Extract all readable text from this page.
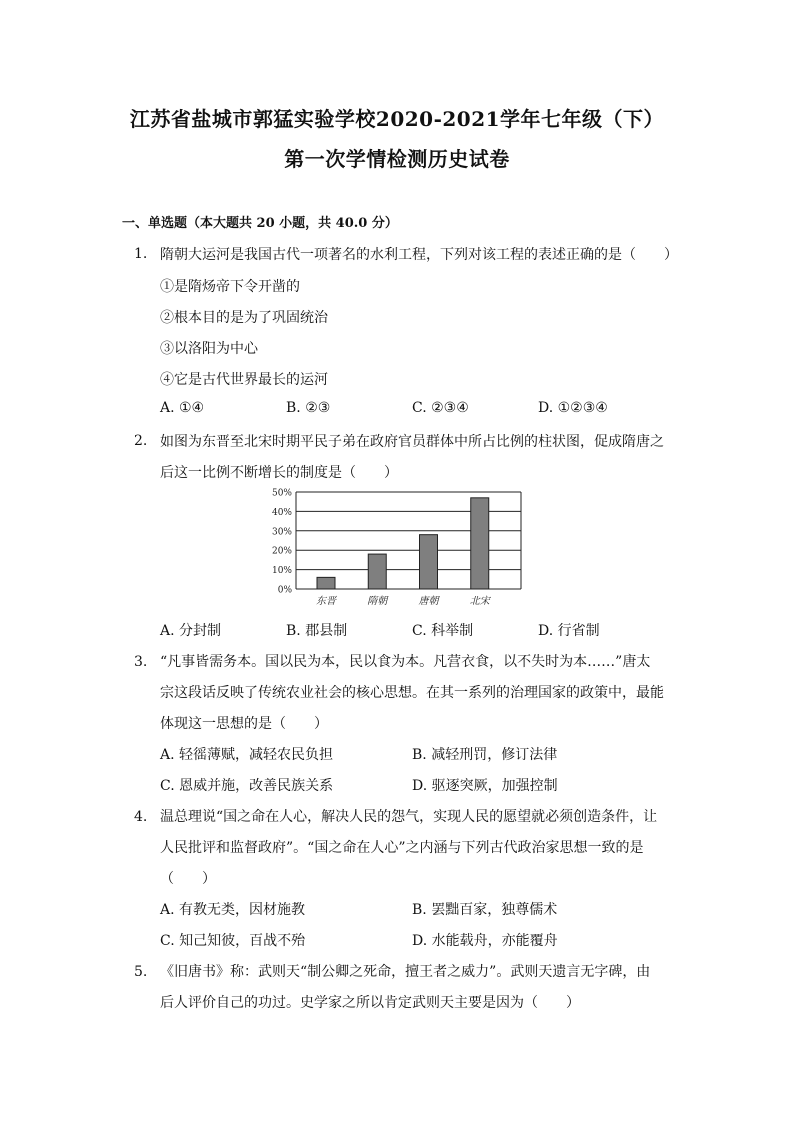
江苏省盐城市郭猛实验学校2020-2021学年七年级（下）
第一次学情检测历史试卷
一、单选题（本大题共 20 小题，共 40.0 分）
1. 隋朝大运河是我国古代一项著名的水利工程，下列对该工程的表述正确的是（　　）
①是隋炀帝下令开凿的
②根本目的是为了巩固统治
③以洛阳为中心
④它是古代世界最长的运河
A. ①④	B. ②③	C. ②③④	D. ①②③④
2. 如图为东晋至北宋时期平民子弟在政府官员群体中所占比例的柱状图，促成隋唐之
后这一比例不断增长的制度是（　　）
0%
10%
20%
30%
40%
50%
东晋	隋朝	唐朝	北宋
A. 分封制	B. 郡县制	C. 科举制	D. 行省制
3. “凡事皆需务本。国以民为本，民以食为本。凡营衣食，以不失时为本……”唐太
宗这段话反映了传统农业社会的核心思想。在其一系列的治理国家的政策中，最能
体现这一思想的是（　　）
A. 轻徭薄赋，减轻农民负担	B. 减轻刑罚，修订法律
C. 恩威并施，改善民族关系	D. 驱逐突厥，加强控制
4. 温总理说“国之命在人心，解决人民的怨气，实现人民的愿望就必须创造条件，让
人民批评和监督政府”。“国之命在人心”之内涵与下列古代政治家思想一致的是
（　　）
A. 有教无类，因材施教	B. 罢黜百家，独尊儒术
C. 知己知彼，百战不殆	D. 水能载舟，亦能覆舟
5. 《旧唐书》称：武则天“制公卿之死命，擅王者之威力”。武则天遗言无字碑，由
后人评价自己的功过。史学家之所以肯定武则天主要是因为（　　）
